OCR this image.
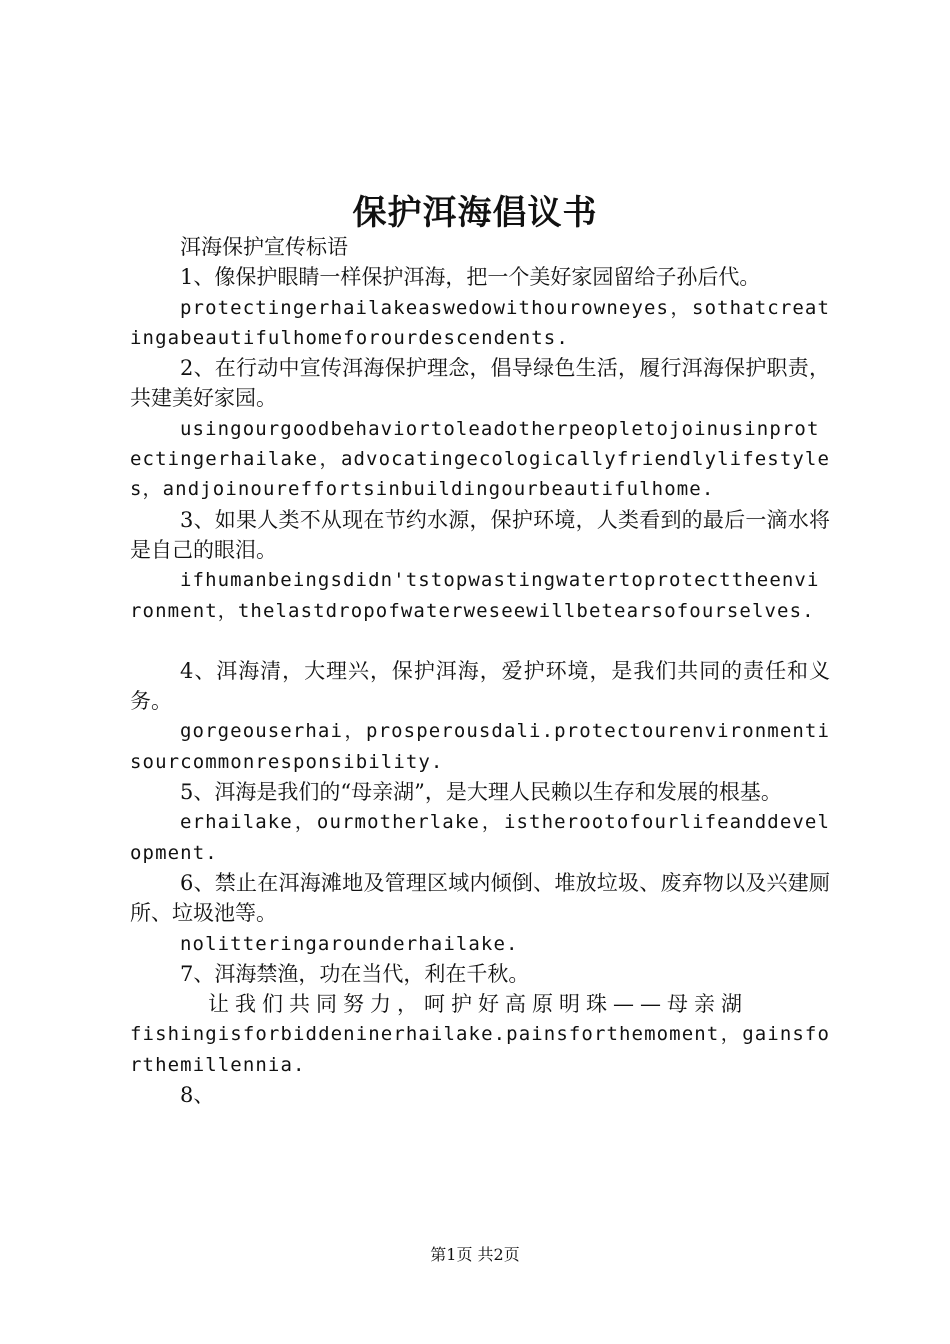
保护洱海倡议书

洱海保护宣传标语

1、像保护眼睛一样保护洱海，把一个美好家园留给子孙后代。

protectingerhailakeaswedowithourowneyes，sothatcreatingabeautifulhomeforourdescendents.

2、在行动中宣传洱海保护理念，倡导绿色生活，履行洱海保护职责，共建美好家园。

usingourgoodbehaviortoleadotherpeopletojoinusinprotectingerhailake，advocatingecologicallyfriendlylifestyles，andjoinoureffortsinbuildingourbeautifulhome.

3、如果人类不从现在节约水源，保护环境，人类看到的最后一滴水将是自己的眼泪。

ifhumanbeingsdidn'tstopwastingwatertoprotecttheenvironment，thelastdropofwaterweseewillbetearsofourselves.

4、洱海清，大理兴，保护洱海，爱护环境，是我们共同的责任和义务。

gorgeouserhai，prosperousdali.protectourenvironmentisourcommonresponsibility.

5、洱海是我们的“母亲湖”，是大理人民赖以生存和发展的根基。

erhailake，ourmotherlake，istherootofourlifeanddevelopment.

6、禁止在洱海滩地及管理区域内倾倒、堆放垃圾、废弃物以及兴建厕所、垃圾池等。

nolitteringarounderhailake.

7、洱海禁渔，功在当代，利在千秋。

让我们共同努力，呵护好高原明珠——母亲湖

fishingisforbiddeninerhailake.painsforthemoment，gainsforthemillennia.

8、

第1页 共2页
